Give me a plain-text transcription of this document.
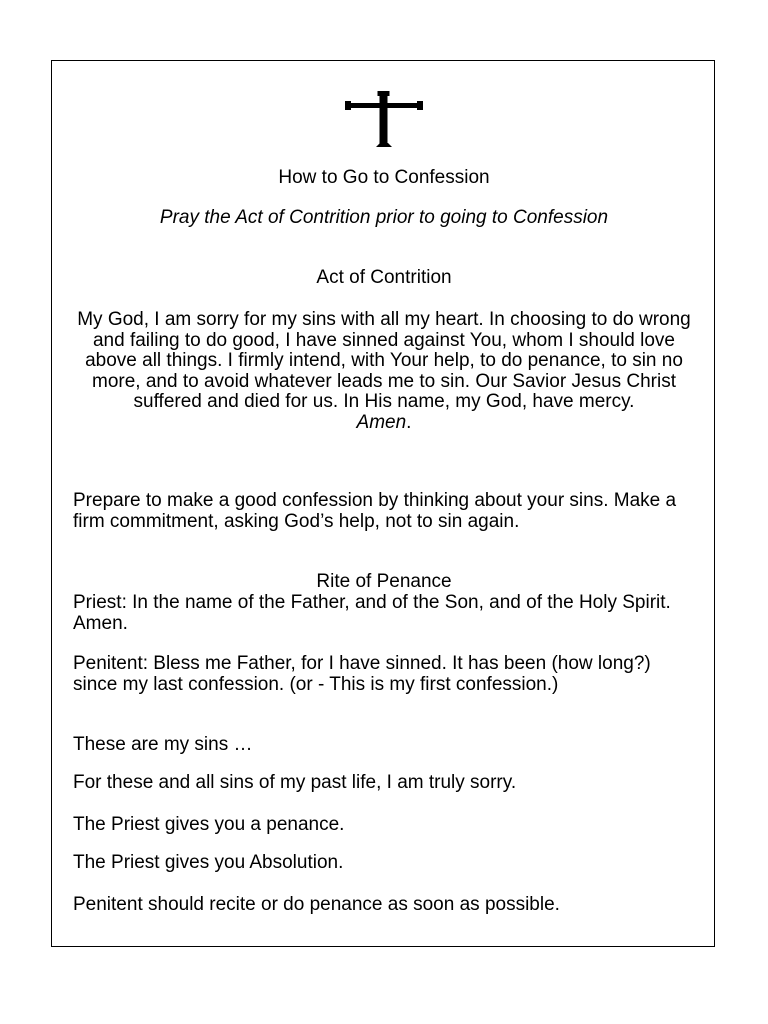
How to Go to Confession

Pray the Act of Contrition prior to going to Confession

Act of Contrition

My God, I am sorry for my sins with all my heart. In choosing to do wrong and failing to do good, I have sinned against You, whom I should love above all things. I firmly intend, with Your help, to do penance, to sin no more, and to avoid whatever leads me to sin. Our Savior Jesus Christ suffered and died for us. In His name, my God, have mercy.
Amen.

Prepare to make a good confession by thinking about your sins. Make a firm commitment, asking God’s help, not to sin again.

Rite of Penance

Priest: In the name of the Father, and of the Son, and of the Holy Spirit. Amen.

Penitent: Bless me Father, for I have sinned. It has been (how long?) since my last confession. (or - This is my first confession.)

These are my sins …

For these and all sins of my past life, I am truly sorry.

The Priest gives you a penance.

The Priest gives you Absolution.

Penitent should recite or do penance as soon as possible.
